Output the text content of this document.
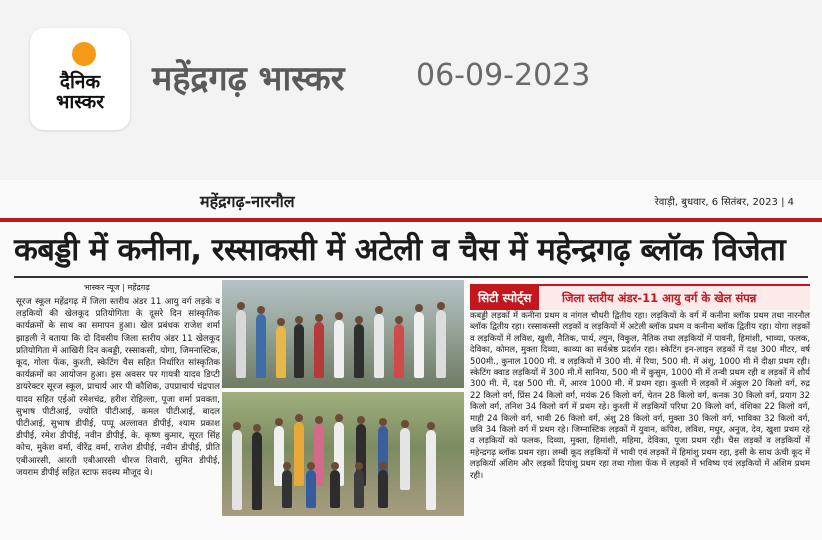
दैनिक
भास्कर
महेंद्रगढ़ भास्कर 06-09-2023
महेंद्रगढ़-नारनौल	रेवाड़ी, बुधवार, 6 सितंबर, 2023 | 4
कबड्डी में कनीना, रस्साकसी में अटेली व चैस में महेन्द्रगढ़ ब्लॉक विजेता
भास्कर न्यूज | महेंद्रगढ़

सूरज स्कूल महेंद्रगढ़ में जिला स्तरीय अंडर 11 आयु वर्ग लड़के व लड़कियों की खेलकूद प्रतियोगिता के दूसरे दिन सांस्कृतिक कार्यक्रमों के साथ का समापन हुआ। खेल प्रबंधक राजेश शर्मा झाड़ली ने बताया कि दो दिवसीय जिला स्तरीय अंडर 11 खेलकूद प्रतियोगिता में आखिरी दिन कबड्डी, रस्साकसी, योगा, जिमनास्टिक, कूद, गोला फेंक, कुश्ती, स्केटिंग चैस सहित निर्धारित सांस्कृतिक कार्यक्रमों का आयोजन हुआ। इस अवसर पर गायत्री यादव डिप्टी डायरेक्टर सूरज स्कूल, प्राचार्य आर पी कौशिक, उपप्राचार्य चंद्रपाल यादव सहित एईओ रमेशचंद्र, हरीश रोहिल्ला, पूजा शर्मा प्रवक्ता, सुभाष पीटीआई, ज्योति पीटीआई, कमल पीटीआई, बादल पीटीआई, सुभाष डीपीई, पप्पू अल्लावत डीपीई, श्याम प्रकाश डीपीई, रमेश डीपीई, नवीन डीपीई, के. कृष्ण कुमार, सूरत सिंह कोच, मुकेश वर्मा, वीरेंद्र वर्मा, राजेश डीपीई, नवीन डीपीई, प्रीति एबीआरसी, आरती एबीआरसी धीरज तिवारी, सुमित डीपीई, जयराम डीपीई सहित स्टाफ सदस्य मौजूद थे।

सिटी स्पोर्ट्स	जिला स्तरीय अंडर-11 आयु वर्ग के खेल संपन्न

कबड्डी लड़कों में कनीना प्रथम व नांगल चौधरी द्वितीय रहा। लड़कियों के वर्ग में कनीना ब्लॉक प्रथम तथा नारनौल ब्लॉक द्वितीय रहा। रस्साकस्सी लड़कों व लड़कियों में अटेली ब्लॉक प्रथम व कनीना ब्लॉक द्वितीय रहा। योगा लड़कों व लड़कियों में लविश, खुशी, नैतिक, पार्थ, ल्युन, विकुल, नैतिक तथा लड़कियों में पावनी, हिमांशी, भाव्या, फलक, देविका, कोमल, मुक्ता दिव्या, काव्या का सर्वश्रेष्ठ प्रदर्शन रहा। स्केटिंग इन-लाइन लड़कों में दक्ष 300 मीटर, वर्ष 500मी., कुनाल 1000 मी. व लड़कियों में 300 मी. में रिया, 500 मी. में अंशु, 1000 मी में दीक्षा प्रथम रही। स्केटिंग क्वाड लड़कियों में 300 मी.में सानिया, 500 मी में कुसुम, 1000 मी में तन्वी प्रथम रही व लड़कों में शौर्य 300 मी. में, दक्ष 500 मी. में, आरव 1000 मी. में प्रथम रहा। कुश्ती में लड़कों में अंकुल 20 किलो वर्ग, रुद्र 22 किलो वर्ग, प्रिंस 24 किलो वर्ग, मयंक 26 किलो वर्ग, चेतन 28 किलो वर्ग, कनक 30 किलो वर्ग, प्रयाग 32 किलो वर्ग, तनिश 34 किलो वर्ग में प्रथम रहे। कुश्ती में लड़कियों परिधा 20 किलो वर्ग, वंशिका 22 किलो वर्ग, माही 24 किलो वर्ग, भावी 26 किलो वर्ग, अंशु 28 किलो वर्ग, मुक्ता 30 किलो वर्ग, भाविका 32 किलो वर्ग, छवि 34 किलो वर्ग में प्रथम रहे। जिम्नास्टिक लड़कों में युवान, कपिश, लविश, मधुर, अनुज, देव, खुशा प्रथम रहे व लड़कियों को फलक, दिव्या, मुक्ता, हिमांशी, महिमा, देविका, पूजा प्रथम रही। चैस लड़कों व लड़कियों में महेन्द्रगढ़ ब्लॉक प्रथम रहा। लम्बी कूद लड़कियों में भावी एवं लड़कों में हिमांशु प्रथम रहा, इसी के साथ ऊंची कूद में लड़कियों अंशिम और लड़कों दिपांशु प्रथम रहा तथा गोला फेंक में लड़कों में भविष्य एवं लड़कियों में अंशिम प्रथम रही।
